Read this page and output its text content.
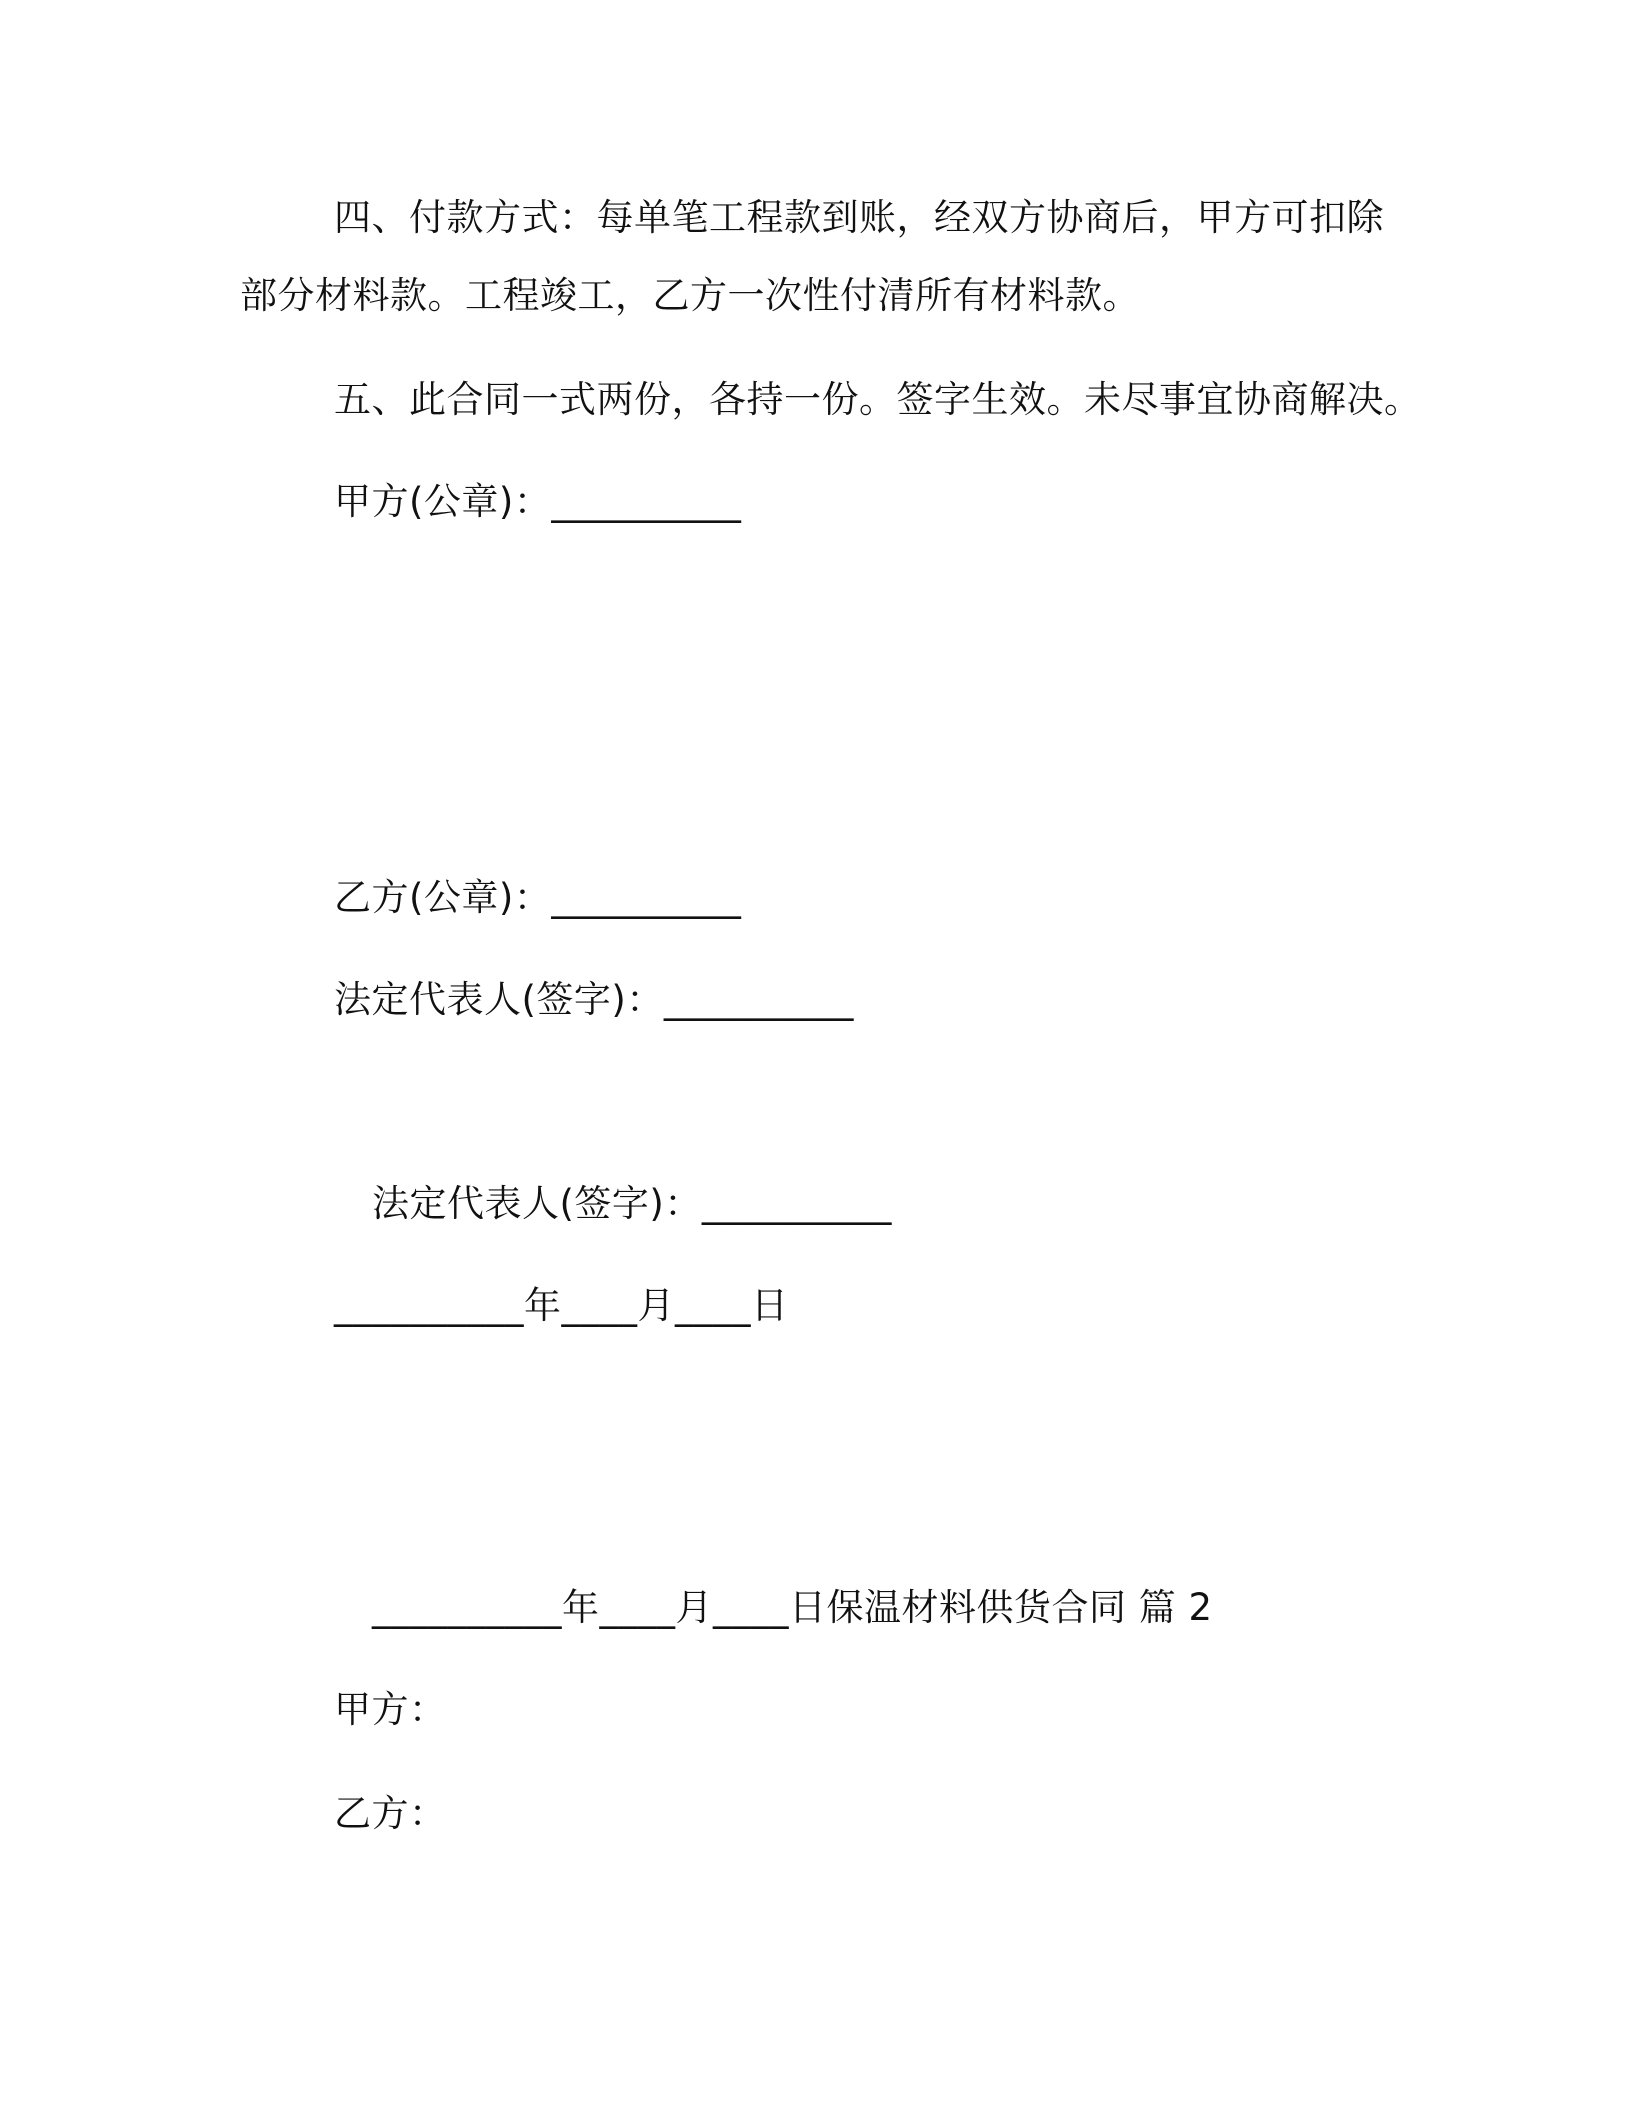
四、付款方式：每单笔工程款到账，经双方协商后，甲方可扣除
部分材料款。工程竣工，乙方一次性付清所有材料款。
五、此合同一式两份，各持一份。签字生效。未尽事宜协商解决。
甲方(公章)：__________
乙方(公章)：__________
法定代表人(签字)：__________
法定代表人(签字)：__________
__________年____月____日
__________年____月____日保温材料供货合同 篇 2
甲方：
乙方：
